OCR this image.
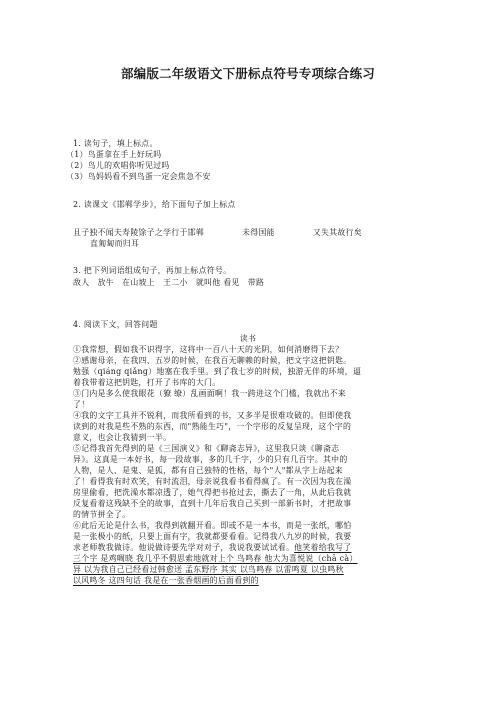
部编版二年级语文下册标点符号专项综合练习
1. 读句子，填上标点。
（1）鸟蛋拿在手上好玩吗
（2）鸟儿的欢唱你听见过吗
（3）鸟妈妈看不到鸟蛋一定会焦急不安
2. 读课文《邯郸学步》，给下面句子加上标点
且子独不闻夫寿陵馀子之学行于邯郸	未得国能	又失其故行矣
直匍匐而归耳
3. 把下列词语组成句子，再加上标点符号。
敌人　放牛　在山坡上　王二小　就叫他 看见　带路
4. 阅读下文，回答问题
读书
①我常想，假如我不识得字，这将中一百八十天的光阴，如何消磨得下去？
②感谢母亲，在我四、五岁的时候，在我百无聊赖的时候，把文字这把钥匙。
勉强（qiáng qiǎng）地塞在我手里。到了我七岁的时候，独游无伴的环境，逼
着我带着这把钥匙，打开了书库的大门。
③门内是多么使我眼花（獠 缭）乱画面啊！我一跨进这个门槛，我就出不来
了！
④我的文字工具并不锐利，而我所看到的书，又多半是很难攻破的。但即使我
读到的对我是些不熟的东西，而"熟能生巧"，一个字形的反复呈现，这个字的
意义，也会让我猜到一半。
⑤记得我首先得到的是《三国演义》和《聊斋志异》，这里我只谈《聊斋志
异》。这真是一本好书，每一段故事，多的几千字，少的只有几百字。其中的
人物，是人、是鬼、是狐，都有自己独特的性格，每个"人"都从字上站起来
了！看得我有时欢笑，有时流泪，母亲说我看书看得疯了。有一次因为我在澡
房里偷看，把洗澡水都凉透了，她气得把书抢过去，撕去了一角，从此后我就
反复看着这残缺不全的故事，直到十几年后我自己买到一部新书时，才把故事
的情节拼全了。
⑥此后无论是什么书，我得到就翻开看。即或不是一本书，而是一张纸，哪怕
是一张极小的纸，只要上面有字，我就都要看看。记得我八九岁的时候，我要
求老师教我做诗。他说做诗要先学对对子，我说我要试试看。他笑着给我写了
三个字 是鸡啁晓 我几乎不假思索地就对上个 鸟鸣春 他大为喜悦说（chā cà）
异 以为我自己已经看过韩愈送 孟东野序 其实 以鸟鸣春 以雷鸣夏 以虫鸣秋
以风鸣冬 这四句话 我是在一张香烟画的后面看到的
